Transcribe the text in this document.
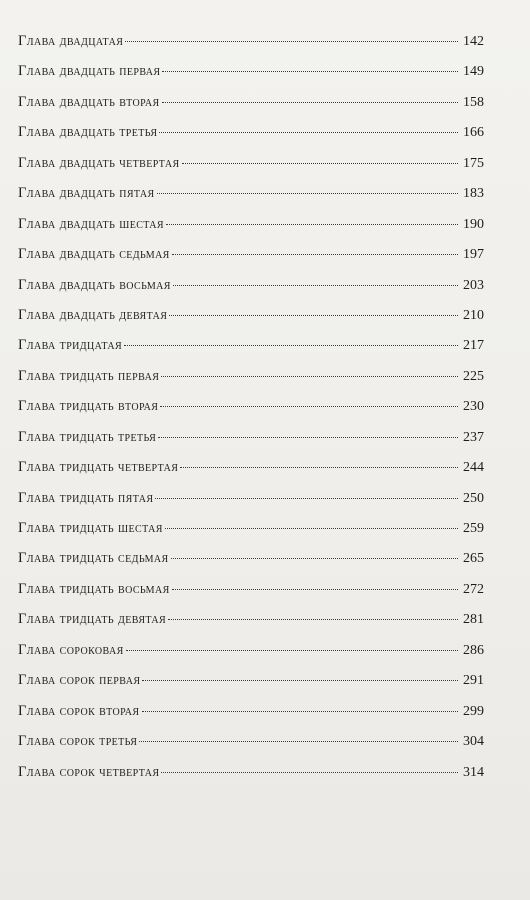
Глава двадцатая	142
Глава двадцать первая	149
Глава двадцать вторая	158
Глава двадцать третья	166
Глава двадцать четвертая	175
Глава двадцать пятая	183
Глава двадцать шестая	190
Глава двадцать седьмая	197
Глава двадцать восьмая	203
Глава двадцать девятая	210
Глава тридцатая	217
Глава тридцать первая	225
Глава тридцать вторая	230
Глава тридцать третья	237
Глава тридцать четвертая	244
Глава тридцать пятая	250
Глава тридцать шестая	259
Глава тридцать седьмая	265
Глава тридцать восьмая	272
Глава тридцать девятая	281
Глава сороковая	286
Глава сорок первая	291
Глава сорок вторая	299
Глава сорок третья	304
Глава сорок четвертая	314
